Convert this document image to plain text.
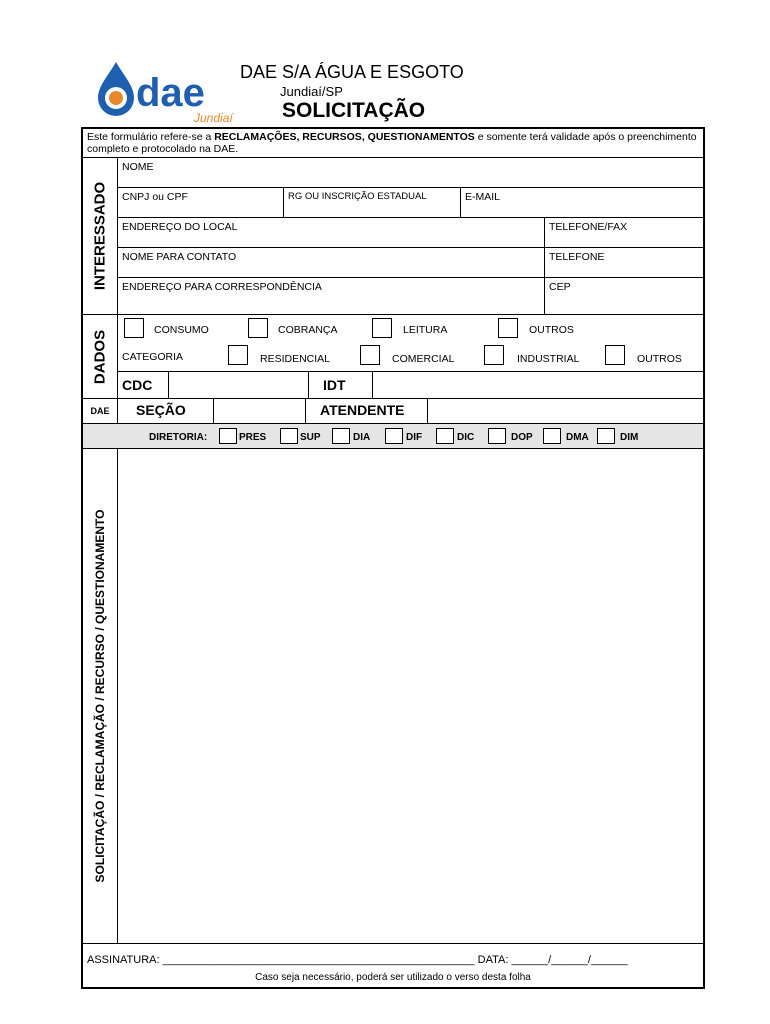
dae
Jundiaí
DAE S/A ÁGUA E ESGOTO
Jundiaí/SP
SOLICITAÇÃO
Este formulário refere-se a RECLAMAÇÕES, RECURSOS, QUESTIONAMENTOS e somente terá validade após o preenchimento completo e protocolado na DAE.
INTERESSADO
NOME
CNPJ ou CPF	RG OU INSCRIÇÃO ESTADUAL	E-MAIL
ENDEREÇO DO LOCAL	TELEFONE/FAX
NOME PARA CONTATO	TELEFONE
ENDEREÇO PARA CORRESPONDÊNCIA	CEP
DADOS	CONSUMO	COBRANÇA	LEITURA	OUTROS
CATEGORIA	RESIDENCIAL	COMERCIAL	INDUSTRIAL	OUTROS
CDC	IDT
DAE SEÇÃO	ATENDENTE
DIRETORIA:	PRES	SUP	DIA	DIF	DIC	DOP	DMA	DIM
SOLICITAÇÃO / RECLAMAÇÃO / RECURSO / QUESTIONAMENTO
ASSINATURA: ___________________________________________________ DATA: ______/______/______
Caso seja necessário, poderá ser utilizado o verso desta folha
